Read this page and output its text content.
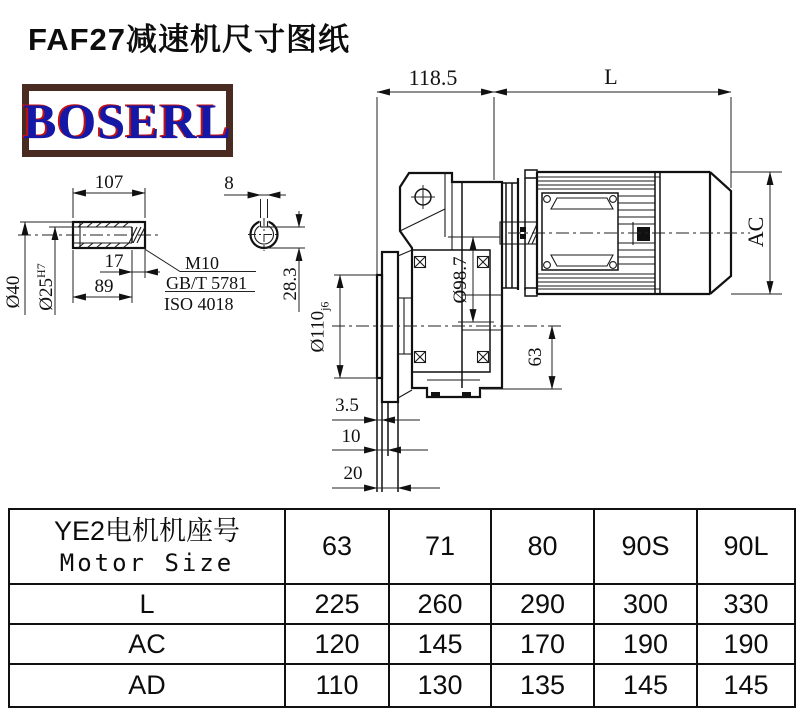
FAF27减速机尺寸图纸
BOSERL
107	8
28.3
Ø40 $Ø25^{H7}$	17
89
M10
GB/T 5781
ISO 4018
118.5	L
AC
Ø98.7
$Ø110_{j6}$
63
3.5
10
20
YE2电机机座号
Motor Size	63	71	80	90S	90L
L	225	260	290	300	330
AC	120	145	170	190	190
AD	110	130	135	145	145
